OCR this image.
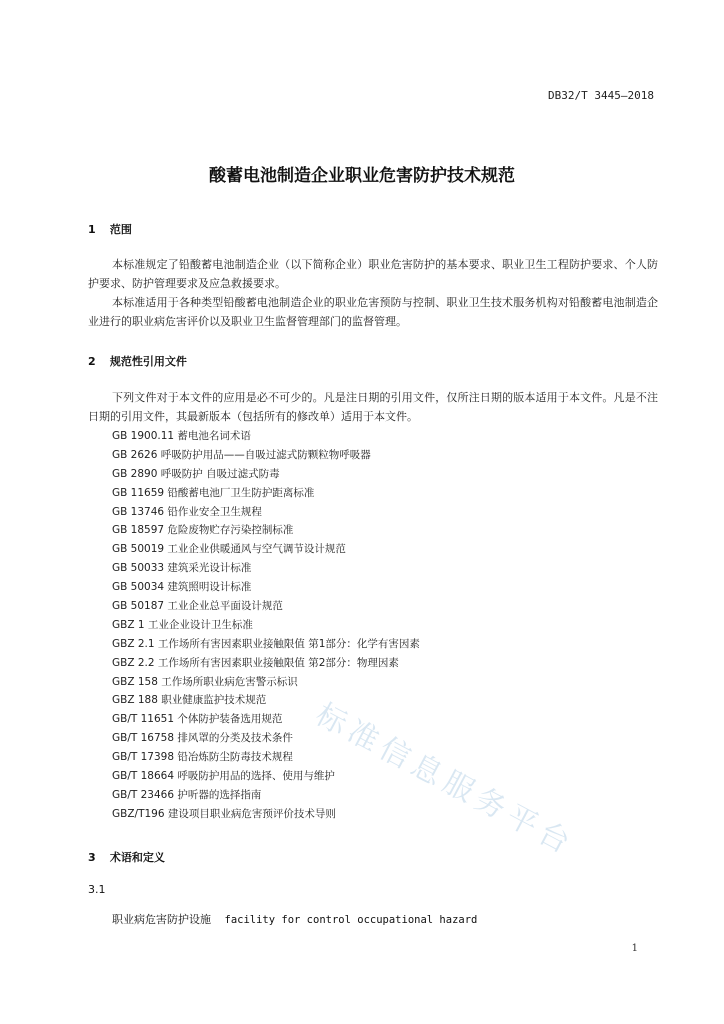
DB32/T 3445—2018
酸蓄电池制造企业职业危害防护技术规范
1 范围
本标准规定了铅酸蓄电池制造企业（以下简称企业）职业危害防护的基本要求、职业卫生工程防护要求、个人防护要求、防护管理要求及应急救援要求。
本标准适用于各种类型铅酸蓄电池制造企业的职业危害预防与控制、职业卫生技术服务机构对铅酸蓄电池制造企业进行的职业病危害评价以及职业卫生监督管理部门的监督管理。
2 规范性引用文件
下列文件对于本文件的应用是必不可少的。凡是注日期的引用文件，仅所注日期的版本适用于本文件。凡是不注日期的引用文件，其最新版本（包括所有的修改单）适用于本文件。
GB 1900.11 蓄电池名词术语
GB 2626 呼吸防护用品——自吸过滤式防颗粒物呼吸器
GB 2890 呼吸防护 自吸过滤式防毒
GB 11659 铅酸蓄电池厂卫生防护距离标准
GB 13746 铅作业安全卫生规程
GB 18597 危险废物贮存污染控制标准
GB 50019 工业企业供暖通风与空气调节设计规范
GB 50033 建筑采光设计标准
GB 50034 建筑照明设计标准
GB 50187 工业企业总平面设计规范
GBZ 1 工业企业设计卫生标准
GBZ 2.1 工作场所有害因素职业接触限值 第1部分：化学有害因素
GBZ 2.2 工作场所有害因素职业接触限值 第2部分：物理因素
GBZ 158 工作场所职业病危害警示标识
GBZ 188 职业健康监护技术规范
GB/T 11651 个体防护装备选用规范
GB/T 16758 排风罩的分类及技术条件
GB/T 17398 铅冶炼防尘防毒技术规程
GB/T 18664 呼吸防护用品的选择、使用与维护
GB/T 23466 护听器的选择指南
GBZ/T196 建设项目职业病危害预评价技术导则
3 术语和定义
3.1
职业病危害防护设施 facility for control occupational hazard
1
标准信息服务平台
